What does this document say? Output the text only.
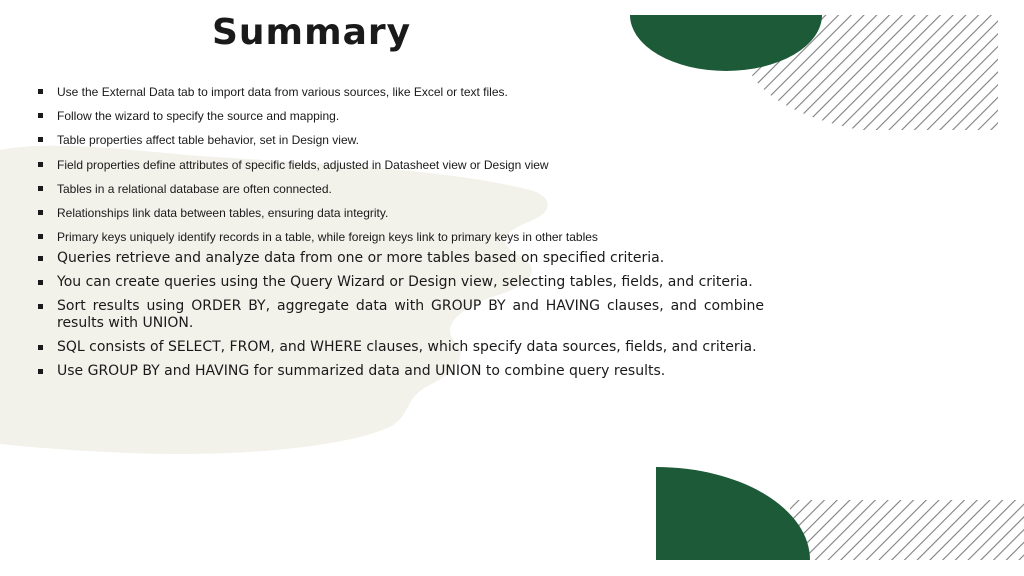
Summary
Use the External Data tab to import data from various sources, like Excel or text files.
Follow the wizard to specify the source and mapping.
Table properties affect table behavior, set in Design view.
Field properties define attributes of specific fields, adjusted in Datasheet view or Design view
Tables in a relational database are often connected.
Relationships link data between tables, ensuring data integrity.
Primary keys uniquely identify records in a table, while foreign keys link to primary keys in other tables
Queries retrieve and analyze data from one or more tables based on specified criteria.
You can create queries using the Query Wizard or Design view, selecting tables, fields, and criteria.
Sort results using ORDER BY, aggregate data with GROUP BY and HAVING clauses, and combine results with UNION.
SQL consists of SELECT, FROM, and WHERE clauses, which specify data sources, fields, and criteria.
Use GROUP BY and HAVING for summarized data and UNION to combine query results.
